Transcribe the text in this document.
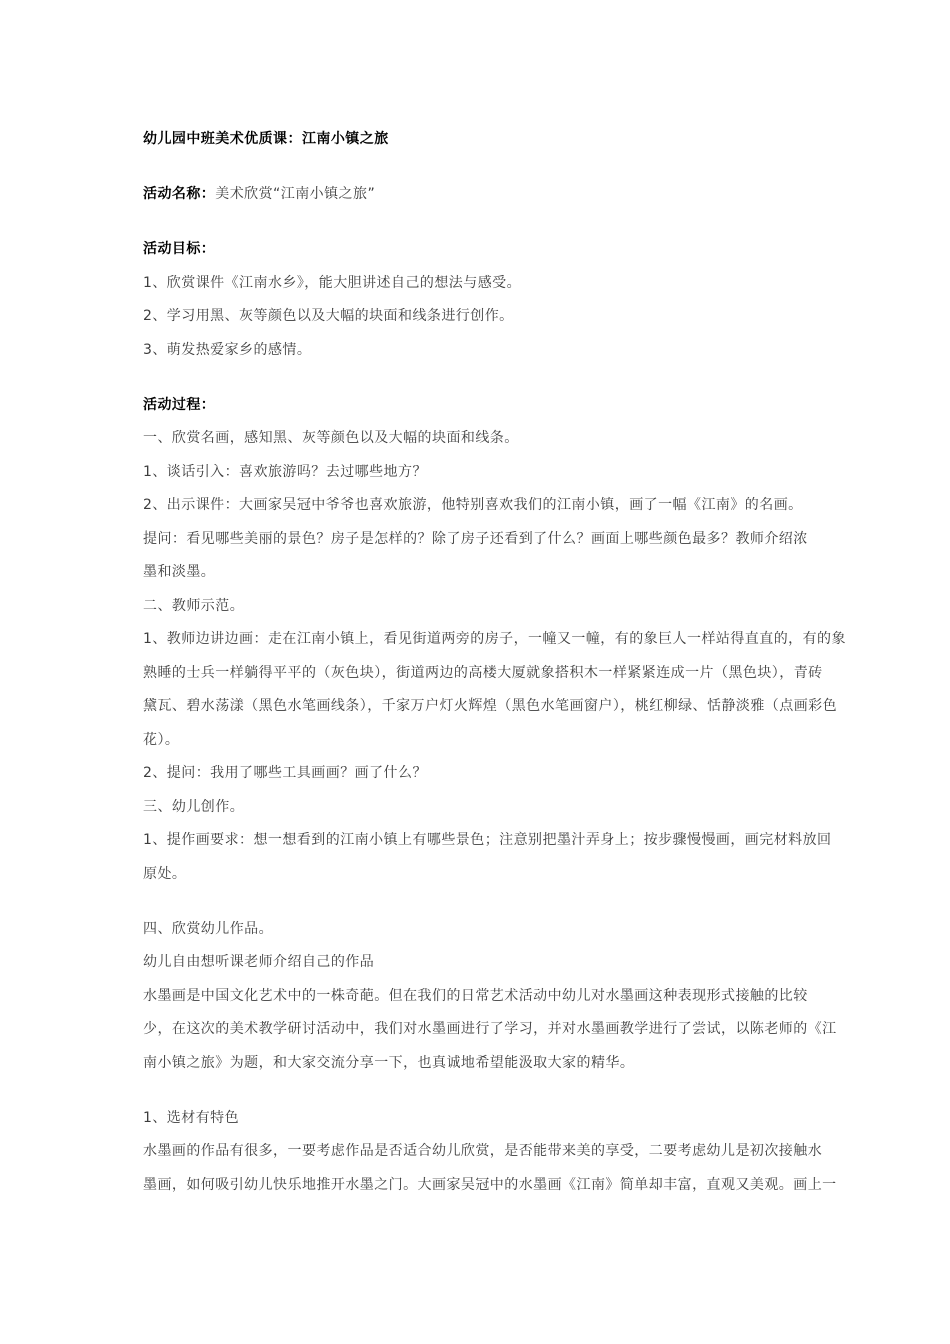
幼儿园中班美术优质课：江南小镇之旅
活动名称：美术欣赏“江南小镇之旅”
活动目标：
1、欣赏课件《江南水乡》，能大胆讲述自己的想法与感受。
2、学习用黑、灰等颜色以及大幅的块面和线条进行创作。
3、萌发热爱家乡的感情。
活动过程：
一、欣赏名画，感知黑、灰等颜色以及大幅的块面和线条。
1、谈话引入：喜欢旅游吗？去过哪些地方？
2、出示课件：大画家吴冠中爷爷也喜欢旅游，他特别喜欢我们的江南小镇，画了一幅《江南》的名画。
提问：看见哪些美丽的景色？房子是怎样的？除了房子还看到了什么？画面上哪些颜色最多？教师介绍浓
墨和淡墨。
二、教师示范。
1、教师边讲边画：走在江南小镇上，看见街道两旁的房子，一幢又一幢，有的象巨人一样站得直直的，有的象
熟睡的士兵一样躺得平平的（灰色块），街道两边的高楼大厦就象搭积木一样紧紧连成一片（黑色块），青砖
黛瓦、碧水荡漾（黑色水笔画线条），千家万户灯火辉煌（黑色水笔画窗户），桃红柳绿、恬静淡雅（点画彩色
花）。
2、提问：我用了哪些工具画画？画了什么？
三、幼儿创作。
1、提作画要求：想一想看到的江南小镇上有哪些景色；注意别把墨汁弄身上；按步骤慢慢画，画完材料放回
原处。
四、欣赏幼儿作品。
幼儿自由想听课老师介绍自己的作品
水墨画是中国文化艺术中的一株奇葩。但在我们的日常艺术活动中幼儿对水墨画这种表现形式接触的比较
少，在这次的美术教学研讨活动中，我们对水墨画进行了学习，并对水墨画教学进行了尝试，以陈老师的《江
南小镇之旅》为题，和大家交流分享一下，也真诚地希望能汲取大家的精华。
1、选材有特色
水墨画的作品有很多，一要考虑作品是否适合幼儿欣赏，是否能带来美的享受，二要考虑幼儿是初次接触水
墨画，如何吸引幼儿快乐地推开水墨之门。大画家吴冠中的水墨画《江南》简单却丰富，直观又美观。画上一
